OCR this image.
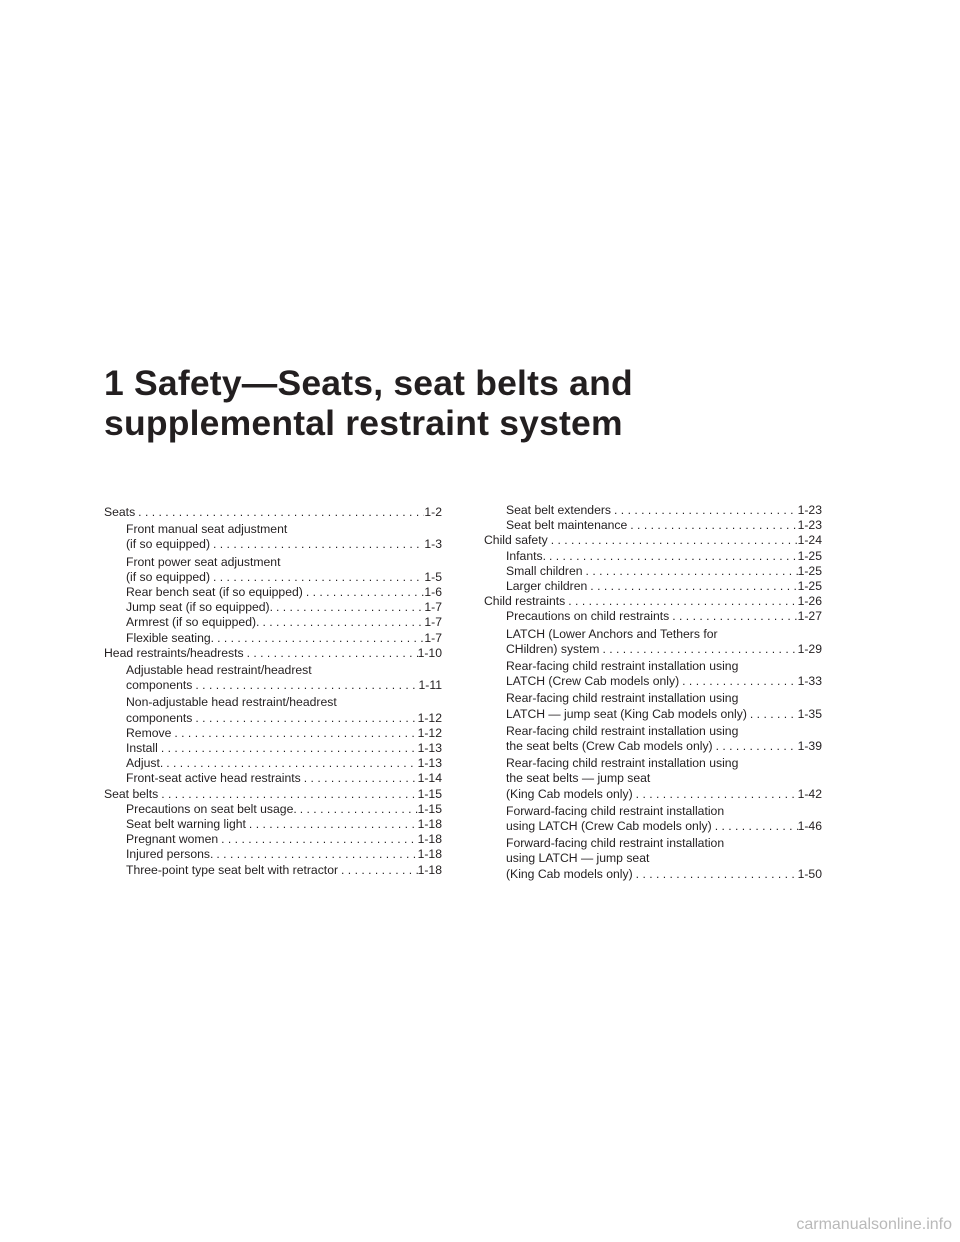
1 Safety—Seats, seat belts and
supplemental restraint system
Seats . . .	1-2
Front manual seat adjustment
(if so equipped) . . .	1-3
Front power seat adjustment
(if so equipped) . . .	1-5
Rear bench seat (if so equipped) . . .	1-6
Jump seat (if so equipped). . . .	1-7
Armrest (if so equipped). . . .	1-7
Flexible seating. . . .	1-7
Head restraints/headrests . . .	1-10
Adjustable head restraint/headrest
components . . .	1-11
Non-adjustable head restraint/headrest
components . . .	1-12
Remove . . .	1-12
Install . . .	1-13
Adjust. . . .	1-13
Front-seat active head restraints . . .	1-14
Seat belts . . .	1-15
Precautions on seat belt usage. . . .	1-15
Seat belt warning light . . .	1-18
Pregnant women . . .	1-18
Injured persons. . . .	1-18
Three-point type seat belt with retractor . . .	1-18
Seat belt extenders . . .	1-23
Seat belt maintenance . . .	1-23
Child safety . . .	1-24
Infants. . . .	1-25
Small children . . .	1-25
Larger children . . .	1-25
Child restraints . . .	1-26
Precautions on child restraints . . .	1-27
LATCH (Lower Anchors and Tethers for
CHildren) system . . .	1-29
Rear-facing child restraint installation using
LATCH (Crew Cab models only) . . .	1-33
Rear-facing child restraint installation using
LATCH — jump seat (King Cab models only) . . .	1-35
Rear-facing child restraint installation using
the seat belts (Crew Cab models only) . . .	1-39
Rear-facing child restraint installation using
the seat belts — jump seat
(King Cab models only) . . .	1-42
Forward-facing child restraint installation
using LATCH (Crew Cab models only) . . .	1-46
Forward-facing child restraint installation
using LATCH — jump seat
(King Cab models only) . . .	1-50
carmanualsonline.info
